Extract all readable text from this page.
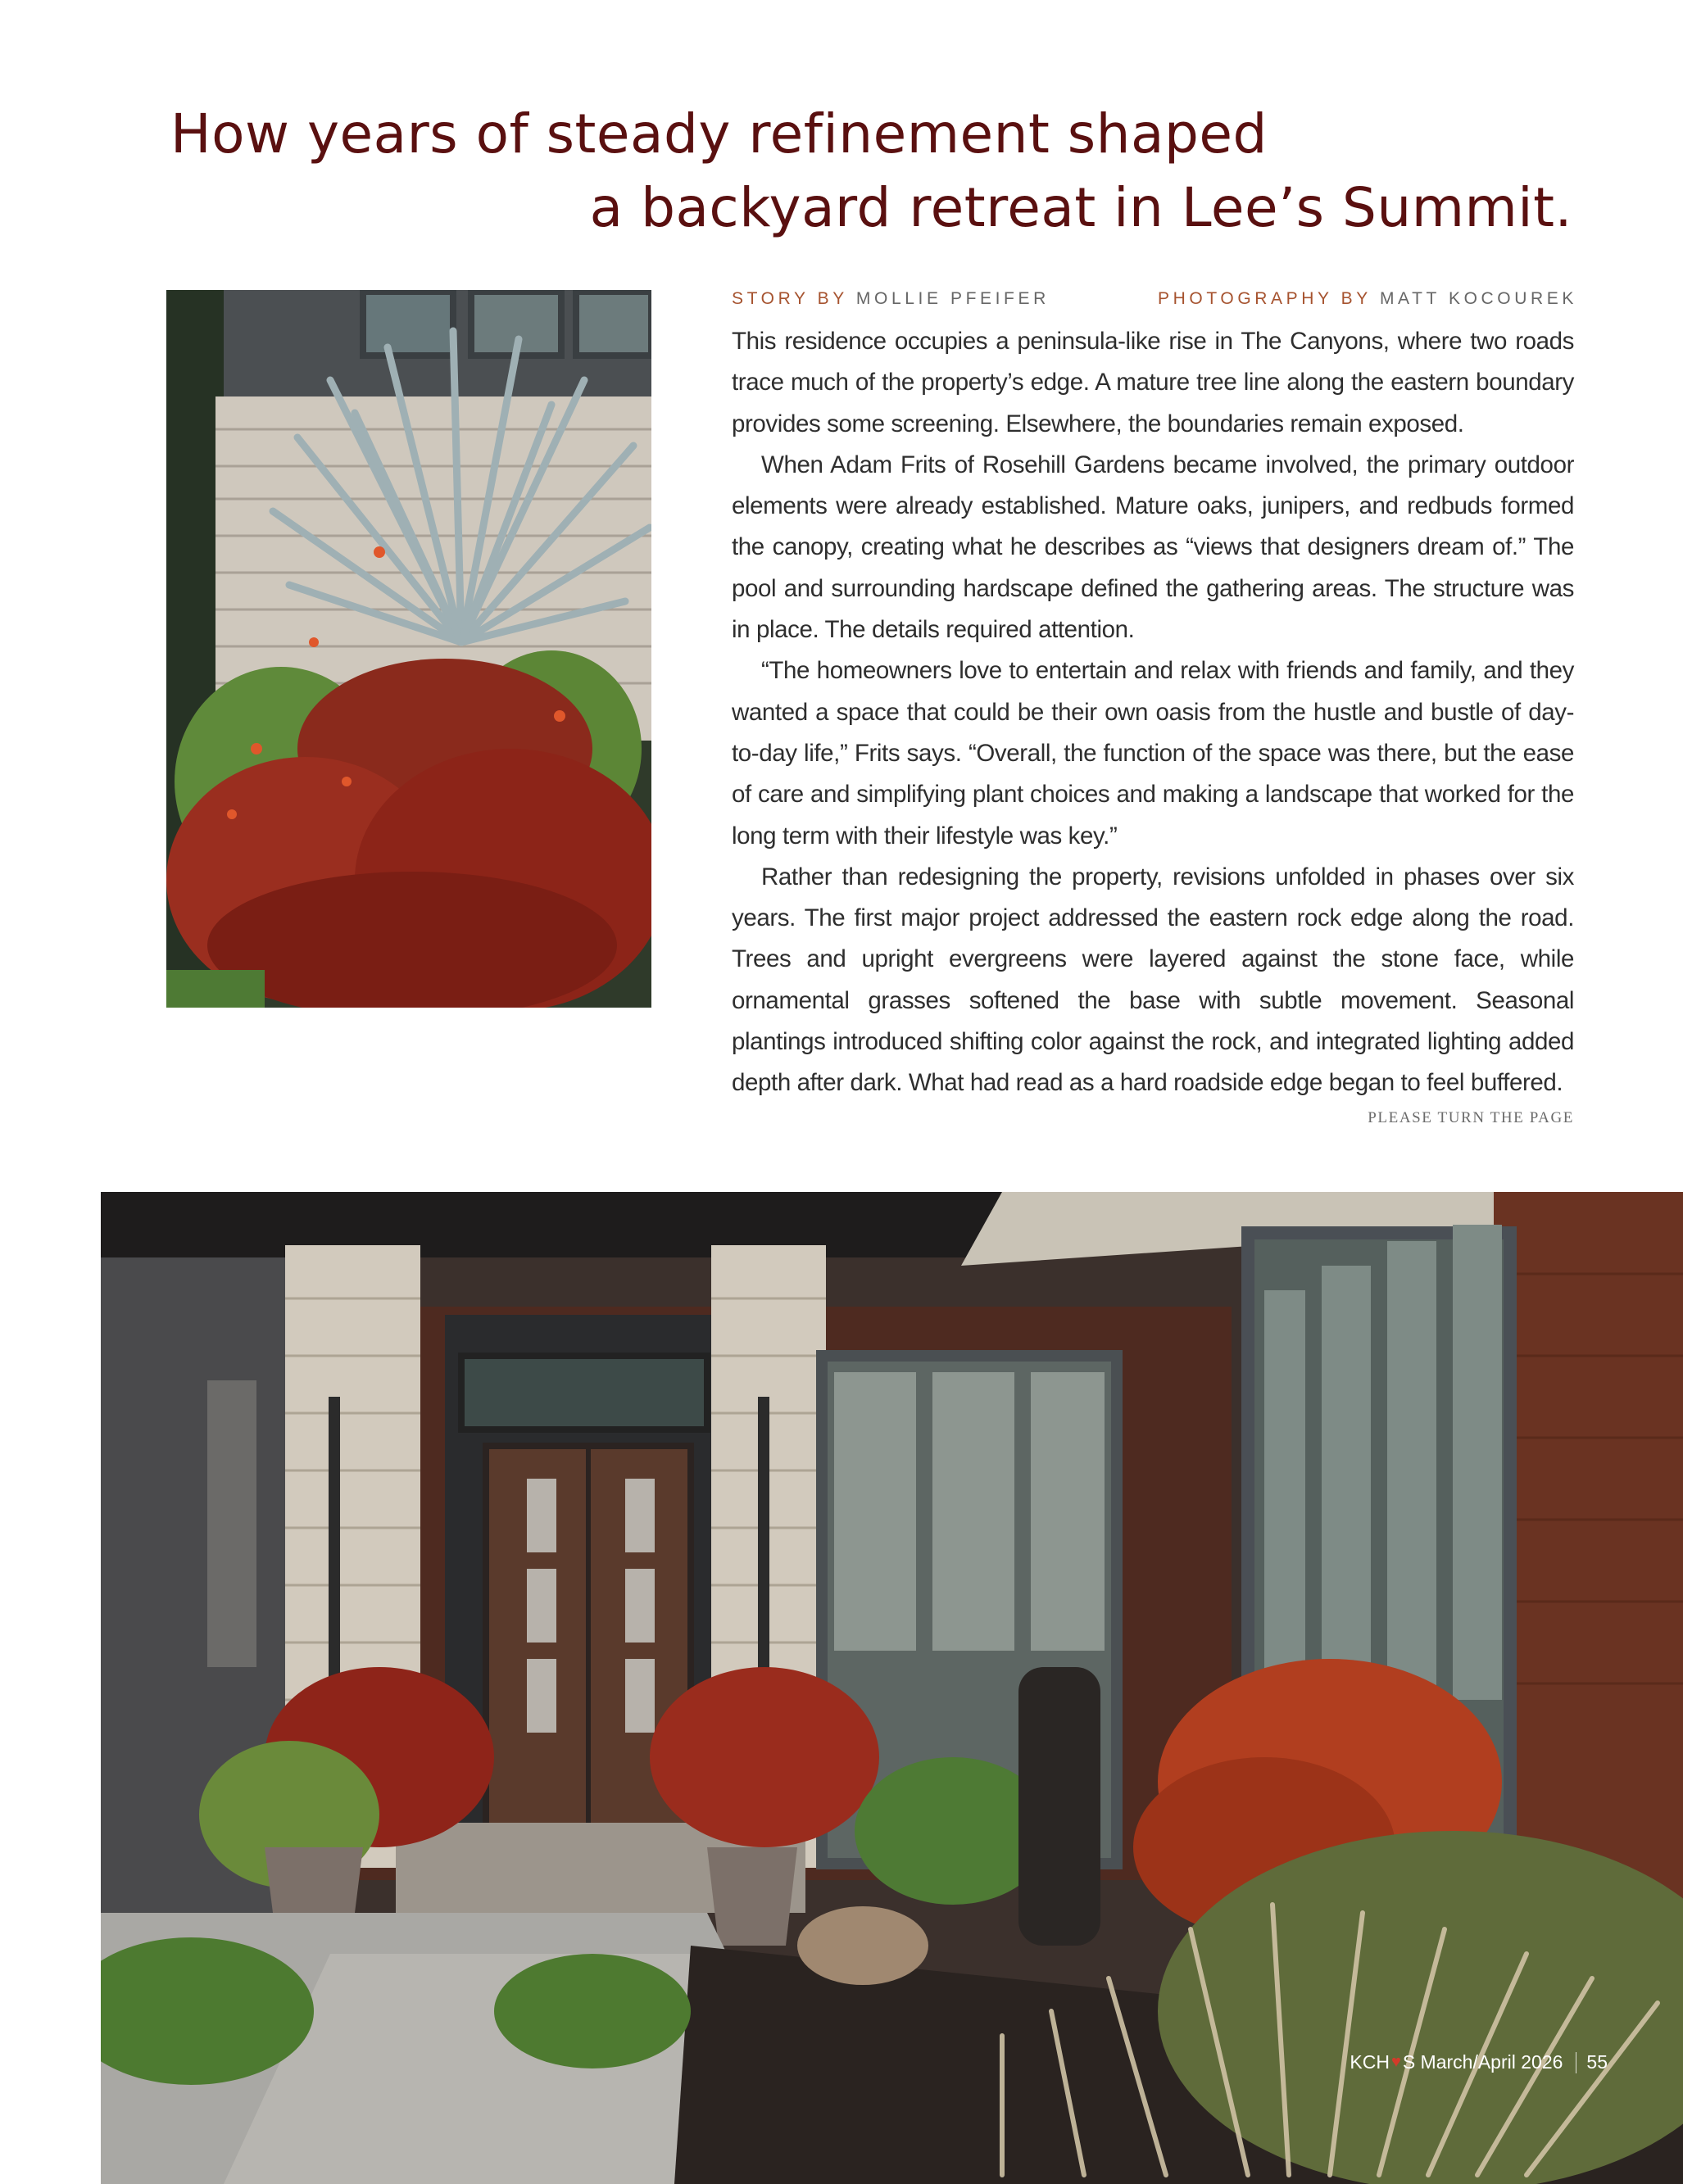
How years of steady refinement shaped
a backyard retreat in Lee’s Summit.
STORY BY MOLLIE PFEIFER	PHOTOGRAPHY BY MATT KOCOUREK

This residence occupies a peninsula-like rise in The Canyons, where two roads trace much of the property’s edge. A mature tree line along the eastern boundary provides some screening. Elsewhere, the boundaries remain exposed.

When Adam Frits of Rosehill Gardens became involved, the primary outdoor elements were already established. Mature oaks, junipers, and redbuds formed the canopy, creating what he describes as “views that designers dream of.” The pool and surrounding hardscape defined the gathering areas. The structure was in place. The details required attention.

“The homeowners love to entertain and relax with friends and family, and they wanted a space that could be their own oasis from the hustle and bustle of day-to-day life,” Frits says. “Overall, the function of the space was there, but the ease of care and simplifying plant choices and making a landscape that worked for the long term with their lifestyle was key.”

Rather than redesigning the property, revisions unfolded in phases over six years. The first major project addressed the eastern rock edge along the road. Trees and upright evergreens were layered against the stone face, while ornamental grasses softened the base with subtle movement. Seasonal plantings introduced shifting color against the rock, and integrated lighting added depth after dark. What had read as a hard roadside edge began to feel buffered.

PLEASE TURN THE PAGE
KCH ♥ S
March/April 2026 55
